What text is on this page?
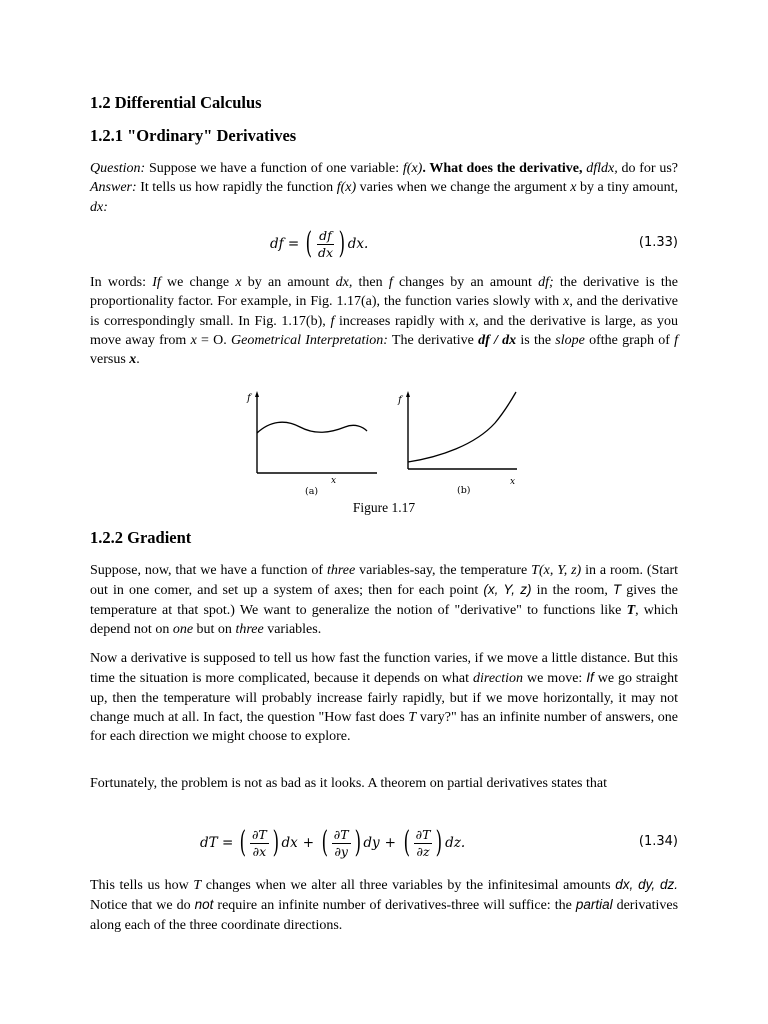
1.2 Differential Calculus
1.2.1 "Ordinary" Derivatives

Question: Suppose we have a function of one variable: f(x). What does the derivative, dfldx, do for us? Answer: It tells us how rapidly the function f(x) varies when we change the argument x by a tiny amount, dx:

df = ( $\frac{df}{dx}$ ) dx.	(1.33)

In words: If we change x by an amount dx, then f changes by an amount df; the derivative is the proportionality factor. For example, in Fig. 1.17(a), the function varies slowly with x, and the derivative is correspondingly small. In Fig. 1.17(b), f increases rapidly with x, and the derivative is large, as you move away from x = O. Geometrical Interpretation: The derivative df / dx is the slope ofthe graph of f versus x.

f
x
(a)
f
x
(b)
Figure 1.17
1.2.2 Gradient

Suppose, now, that we have a function of three variables-say, the temperature T(x, Y, z) in a room. (Start out in one comer, and set up a system of axes; then for each point (x, Y, z) in the room, T gives the temperature at that spot.) We want to generalize the notion of "derivative" to functions like T, which depend not on one but on three variables.

Now a derivative is supposed to tell us how fast the function varies, if we move a little distance. But this time the situation is more complicated, because it depends on what direction we move: If we go straight up, then the temperature will probably increase fairly rapidly, but if we move horizontally, it may not change much at all. In fact, the question "How fast does T vary?" has an infinite number of answers, one for each direction we might choose to explore.

Fortunately, the problem is not as bad as it looks. A theorem on partial derivatives states that

dT = ( $\frac{\partial T}{\partial x}$ ) dx + ( $\frac{\partial T}{\partial y}$ ) dy + ( $\frac{\partial T}{\partial z}$ ) dz.	(1.34)

This tells us how T changes when we alter all three variables by the infinitesimal amounts dx, dy, dz. Notice that we do not require an infinite number of derivatives-three will suffice: the partial derivatives along each of the three coordinate directions.
